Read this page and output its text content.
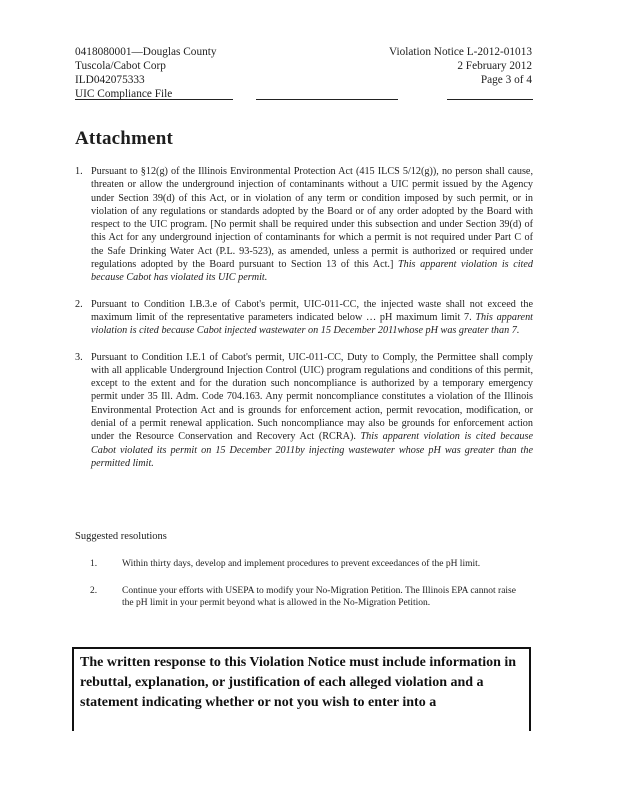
0418080001—Douglas County
Tuscola/Cabot Corp
ILD042075333
UIC Compliance File
Violation Notice L-2012-01013
2 February 2012
Page 3 of 4
Attachment
1. Pursuant to §12(g) of the Illinois Environmental Protection Act (415 ILCS 5/12(g)), no person shall cause, threaten or allow the underground injection of contaminants without a UIC permit issued by the Agency under Section 39(d) of this Act, or in violation of any term or condition imposed by such permit, or in violation of any regulations or standards adopted by the Board or of any order adopted by the Board with respect to the UIC program. [No permit shall be required under this subsection and under Section 39(d) of this Act for any underground injection of contaminants for which a permit is not required under Part C of the Safe Drinking Water Act (P.L. 93-523), as amended, unless a permit is authorized or required under regulations adopted by the Board pursuant to Section 13 of this Act.] This apparent violation is cited because Cabot has violated its UIC permit.
2. Pursuant to Condition I.B.3.e of Cabot's permit, UIC-011-CC, the injected waste shall not exceed the maximum limit of the representative parameters indicated below … pH maximum limit 7. This apparent violation is cited because Cabot injected wastewater on 15 December 2011whose pH was greater than 7.
3. Pursuant to Condition I.E.1 of Cabot's permit, UIC-011-CC, Duty to Comply, the Permittee shall comply with all applicable Underground Injection Control (UIC) program regulations and conditions of this permit, except to the extent and for the duration such noncompliance is authorized by a temporary emergency permit under 35 Ill. Adm. Code 704.163. Any permit noncompliance constitutes a violation of the Illinois Environmental Protection Act and is grounds for enforcement action, permit revocation, modification, or denial of a permit renewal application. Such noncompliance may also be grounds for enforcement action under the Resource Conservation and Recovery Act (RCRA). This apparent violation is cited because Cabot violated its permit on 15 December 2011by injecting wastewater whose pH was greater than the permitted limit.
Suggested resolutions
1.	Within thirty days, develop and implement procedures to prevent exceedances of the pH limit.
2.	Continue your efforts with USEPA to modify your No-Migration Petition. The Illinois EPA cannot raise the pH limit in your permit beyond what is allowed in the No-Migration Petition.
The written response to this Violation Notice must include information in rebuttal, explanation, or justification of each alleged violation and a statement indicating whether or not you wish to enter into a
